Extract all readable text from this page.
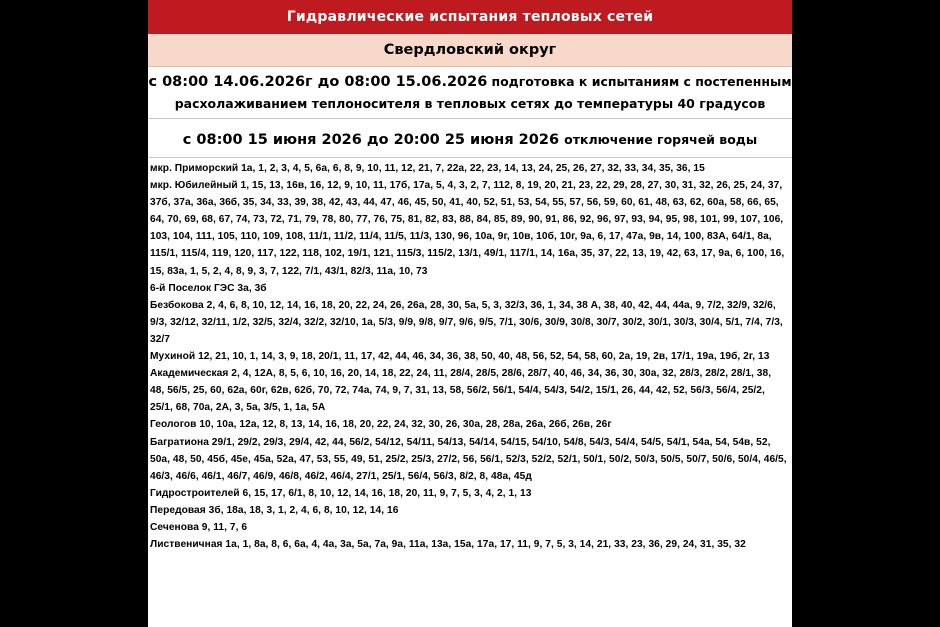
Гидравлические испытания тепловых сетей
Свердловский округ
с 08:00 14.06.2026г до 08:00 15.06.2026 подготовка к испытаниям с постепенным расхолаживанием теплоносителя в тепловых сетях до температуры 40 градусов
с 08:00 15 июня 2026 до 20:00 25 июня 2026 отключение горячей воды

мкр. Приморский 1а, 1, 2, 3, 4, 5, 6а, 6, 8, 9, 10, 11, 12, 21, 7, 22а, 22, 23, 14, 13, 24, 25, 26, 27, 32, 33, 34, 35, 36, 15

мкр. Юбилейный 1, 15, 13, 16в, 16, 12, 9, 10, 11, 17б, 17а, 5, 4, 3, 2, 7, 112, 8, 19, 20, 21, 23, 22, 29, 28, 27, 30, 31, 32, 26, 25, 24, 37, 37б, 37а, 36а, 36б, 35, 34, 33, 39, 38, 42, 43, 44, 47, 46, 45, 50, 41, 40, 52, 51, 53, 54, 55, 57, 56, 59, 60, 61, 48, 63, 62, 60а, 58, 66, 65, 64, 70, 69, 68, 67, 74, 73, 72, 71, 79, 78, 80, 77, 76, 75, 81, 82, 83, 88, 84, 85, 89, 90, 91, 86, 92, 96, 97, 93, 94, 95, 98, 101, 99, 107, 106, 103, 104, 111, 105, 110, 109, 108, 11/1, 11/2, 11/4, 11/5, 11/3, 130, 96, 10а, 9г, 10в, 10б, 10г, 9а, 6, 17, 47а, 9в, 14, 100, 83А, 64/1, 8а, 115/1, 115/4, 119, 120, 117, 122, 118, 102, 19/1, 121, 115/3, 115/2, 13/1, 49/1, 117/1, 14, 16а, 35, 37, 22, 13, 19, 42, 63, 17, 9а, 6, 100, 16, 15, 83а, 1, 5, 2, 4, 8, 9, 3, 7, 122, 7/1, 43/1, 82/3, 11а, 10, 73

6-й Поселок ГЭС 3а, 3б

Безбокова 2, 4, 6, 8, 10, 12, 14, 16, 18, 20, 22, 24, 26, 26а, 28, 30, 5а, 5, 3, 32/3, 36, 1, 34, 38 А, 38, 40, 42, 44, 44а, 9, 7/2, 32/9, 32/6, 9/3, 32/12, 32/11, 1/2, 32/5, 32/4, 32/2, 32/10, 1а, 5/3, 9/9, 9/8, 9/7, 9/6, 9/5, 7/1, 30/6, 30/9, 30/8, 30/7, 30/2, 30/1, 30/3, 30/4, 5/1, 7/4, 7/3, 32/7

Мухиной 12, 21, 10, 1, 14, 3, 9, 18, 20/1, 11, 17, 42, 44, 46, 34, 36, 38, 50, 40, 48, 56, 52, 54, 58, 60, 2а, 19, 2в, 17/1, 19а, 19б, 2г, 13

Академическая 2, 4, 12А, 8, 5, 6, 10, 16, 20, 14, 18, 22, 24, 11, 28/4, 28/5, 28/6, 28/7, 40, 46, 34, 36, 30, 30а, 32, 28/3, 28/2, 28/1, 38, 48, 56/5, 25, 60, 62а, 60г, 62в, 62б, 70, 72, 74а, 74, 9, 7, 31, 13, 58, 56/2, 56/1, 54/4, 54/3, 54/2, 15/1, 26, 44, 42, 52, 56/3, 56/4, 25/2, 25/1, 68, 70а, 2А, 3, 5а, 3/5, 1, 1а, 5А

Геологов 10, 10а, 12а, 12, 8, 13, 14, 16, 18, 20, 22, 24, 32, 30, 26, 30а, 28, 28а, 26а, 26б, 26в, 26г

Багратиона 29/1, 29/2, 29/3, 29/4, 42, 44, 56/2, 54/12, 54/11, 54/13, 54/14, 54/15, 54/10, 54/8, 54/3, 54/4, 54/5, 54/1, 54а, 54, 54в, 52, 50а, 48, 50, 45б, 45е, 45а, 52а, 47, 53, 55, 49, 51, 25/2, 25/3, 27/2, 56, 56/1, 52/3, 52/2, 52/1, 50/1, 50/2, 50/3, 50/5, 50/7, 50/6, 50/4, 46/5, 46/3, 46/6, 46/1, 46/7, 46/9, 46/8, 46/2, 46/4, 27/1, 25/1, 56/4, 56/3, 8/2, 8, 48а, 45д

Гидростроителей 6, 15, 17, 6/1, 8, 10, 12, 14, 16, 18, 20, 11, 9, 7, 5, 3, 4, 2, 1, 13

Передовая 3б, 18а, 18, 3, 1, 2, 4, 6, 8, 10, 12, 14, 16

Сеченова 9, 11, 7, 6

Лиственичная 1а, 1, 8а, 8, 6, 6а, 4, 4а, 3а, 5а, 7а, 9а, 11а, 13а, 15а, 17а, 17, 11, 9, 7, 5, 3, 14, 21, 33, 23, 36, 29, 24, 31, 35, 32
